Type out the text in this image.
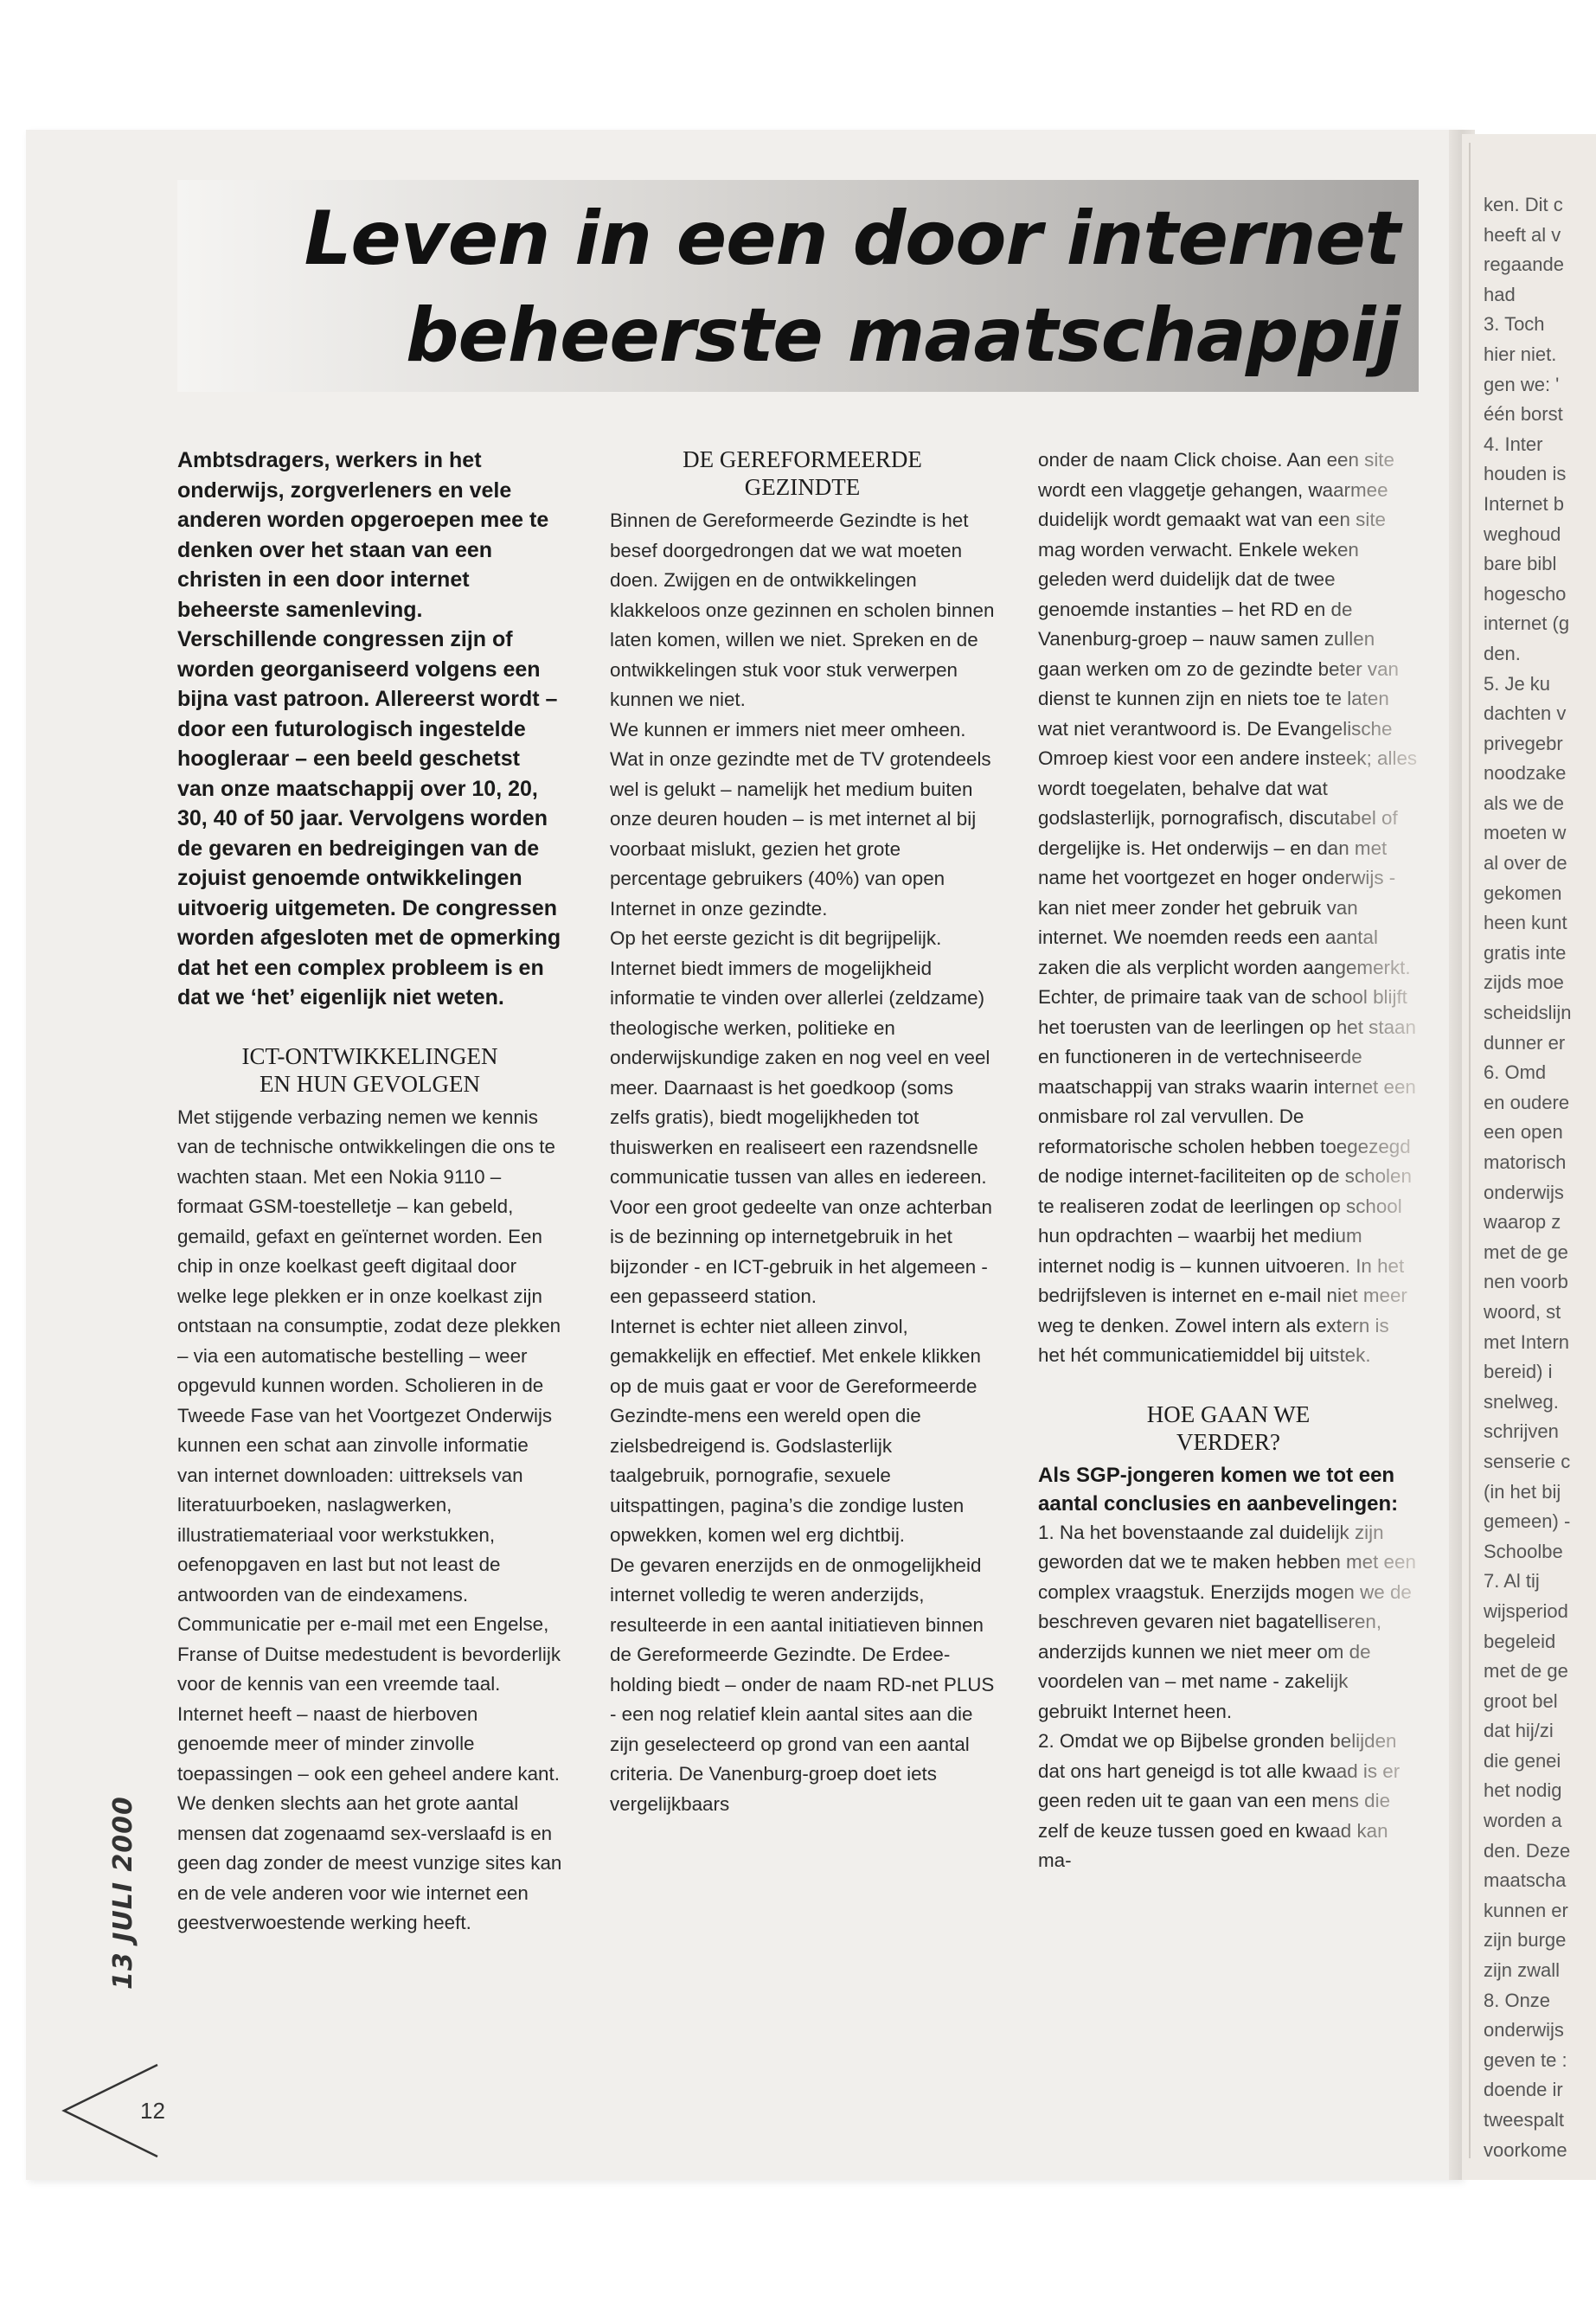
Leven in een door internet
beheerste maatschappij

Ambtsdragers, werkers in het onderwijs, zorgverleners en vele anderen worden opgeroepen mee te denken over het staan van een christen in een door internet beheerste samenleving. Verschillende congressen zijn of worden georganiseerd volgens een bijna vast patroon. Allereerst wordt – door een futurologisch ingestelde hoogleraar – een beeld geschetst van onze maatschappij over 10, 20, 30, 40 of 50 jaar. Vervolgens worden de gevaren en bedreigingen van de zojuist genoemde ontwikkelingen uitvoerig uitgemeten. De congressen worden afgesloten met de opmerking dat het een complex probleem is en dat we ‘het’ eigenlijk niet weten.

ICT-ONTWIKKELINGEN
EN HUN GEVOLGEN

Met stijgende verbazing nemen we kennis van de technische ontwikkelingen die ons te wachten staan. Met een Nokia 9110 – formaat GSM-toestelletje – kan gebeld, gemaild, gefaxt en geïnternet worden. Een chip in onze koelkast geeft digitaal door welke lege plekken er in onze koelkast zijn ontstaan na consumptie, zodat deze plekken – via een automatische bestelling – weer opgevuld kunnen worden. Scholieren in de Tweede Fase van het Voortgezet Onderwijs kunnen een schat aan zinvolle informatie van internet downloaden: uittreksels van literatuurboeken, naslagwerken, illustratiemateriaal voor werkstukken, oefenopgaven en last but not least de antwoorden van de eindexamens. Communicatie per e-mail met een Engelse, Franse of Duitse medestudent is bevorderlijk voor de kennis van een vreemde taal.

Internet heeft – naast de hierboven genoemde meer of minder zinvolle toepassingen – ook een geheel andere kant. We denken slechts aan het grote aantal mensen dat zogenaamd sex-verslaafd is en geen dag zonder de meest vunzige sites kan en de vele anderen voor wie internet een geestverwoestende werking heeft.

DE GEREFORMEERDE
GEZINDTE

Binnen de Gereformeerde Gezindte is het besef doorgedrongen dat we wat moeten doen. Zwijgen en de ontwikkelingen klakkeloos onze gezinnen en scholen binnen laten komen, willen we niet. Spreken en de ontwikkelingen stuk voor stuk verwerpen kunnen we niet.

We kunnen er immers niet meer omheen. Wat in onze gezindte met de TV grotendeels wel is gelukt – namelijk het medium buiten onze deuren houden – is met internet al bij voorbaat mislukt, gezien het grote percentage gebruikers (40%) van open Internet in onze gezindte.

Op het eerste gezicht is dit begrijpelijk. Internet biedt immers de mogelijkheid informatie te vinden over allerlei (zeldzame) theologische werken, politieke en onderwijskundige zaken en nog veel en veel meer. Daarnaast is het goedkoop (soms zelfs gratis), biedt mogelijkheden tot thuiswerken en realiseert een razendsnelle communicatie tussen van alles en iedereen. Voor een groot gedeelte van onze achterban is de bezinning op internetgebruik in het bijzonder - en ICT-gebruik in het algemeen - een gepasseerd station.

Internet is echter niet alleen zinvol, gemakkelijk en effectief. Met enkele klikken op de muis gaat er voor de Gereformeerde Gezindte-mens een wereld open die zielsbedreigend is. Godslasterlijk taalgebruik, pornografie, sexuele uitspattingen, pagina’s die zondige lusten opwekken, komen wel erg dichtbij.

De gevaren enerzijds en de onmogelijkheid internet volledig te weren anderzijds, resulteerde in een aantal initiatieven binnen de Gereformeerde Gezindte. De Erdee-holding biedt – onder de naam RD-net PLUS - een nog relatief klein aantal sites aan die zijn geselecteerd op grond van een aantal criteria. De Vanenburg-groep doet iets vergelijkbaars

onder de naam Click choise. Aan een site wordt een vlaggetje gehangen, waarmee duidelijk wordt gemaakt wat van een site mag worden verwacht. Enkele weken geleden werd duidelijk dat de twee genoemde instanties – het RD en de Vanenburg-groep – nauw samen zullen gaan werken om zo de gezindte beter van dienst te kunnen zijn en niets toe te laten wat niet verantwoord is. De Evangelische Omroep kiest voor een andere insteek; alles wordt toegelaten, behalve dat wat godslasterlijk, pornografisch, discutabel of dergelijke is. Het onderwijs – en dan met name het voortgezet en hoger onderwijs - kan niet meer zonder het gebruik van internet. We noemden reeds een aantal zaken die als verplicht worden aangemerkt. Echter, de primaire taak van de school blijft het toerusten van de leerlingen op het staan en functioneren in de vertechniseerde maatschappij van straks waarin internet een onmisbare rol zal vervullen. De reformatorische scholen hebben toegezegd de nodige internet-faciliteiten op de scholen te realiseren zodat de leerlingen op school hun opdrachten – waarbij het medium internet nodig is – kunnen uitvoeren. In het bedrijfsleven is internet en e-mail niet meer weg te denken. Zowel intern als extern is het hét communicatiemiddel bij uitstek.

HOE GAAN WE
VERDER?

Als SGP-jongeren komen we tot een aantal conclusies en aanbevelingen:

1. Na het bovenstaande zal duidelijk zijn geworden dat we te maken hebben met een complex vraagstuk. Enerzijds mogen we de beschreven gevaren niet bagatelliseren, anderzijds kunnen we niet meer om de voordelen van – met name - zakelijk gebruikt Internet heen.

2. Omdat we op Bijbelse gronden belijden dat ons hart geneigd is tot alle kwaad is er geen reden uit te gaan van een mens die zelf de keuze tussen goed en kwaad kan ma-

13 JULI 2000
12

ken. Dit c

heeft al v

regaande

had

3. Toch

hier niet.

gen we: '

één borst

4. Inter

houden is

Internet b

weghoud

bare bibl

hogescho

internet (g

den.

5. Je ku

dachten v

privegebr

noodzake

als we de

moeten w

al over de

gekomen

heen kunt

gratis inte

zijds moe

scheidslijn

dunner er

6. Omd

en oudere

een open

matorisch

onderwijs

waarop z

met de ge

nen voorb

woord, st

met Intern

bereid) i

snelweg.

schrijven

senserie c

(in het bij

gemeen) -

Schoolbe

7. Al tij

wijsperiod

begeleid

met de ge

groot bel

dat hij/zi

die genei

het nodig

worden a

den. Deze

maatscha

kunnen er

zijn burge

zijn zwall

8. Onze

onderwijs

geven te :

doende ir

tweespalt

voorkome
